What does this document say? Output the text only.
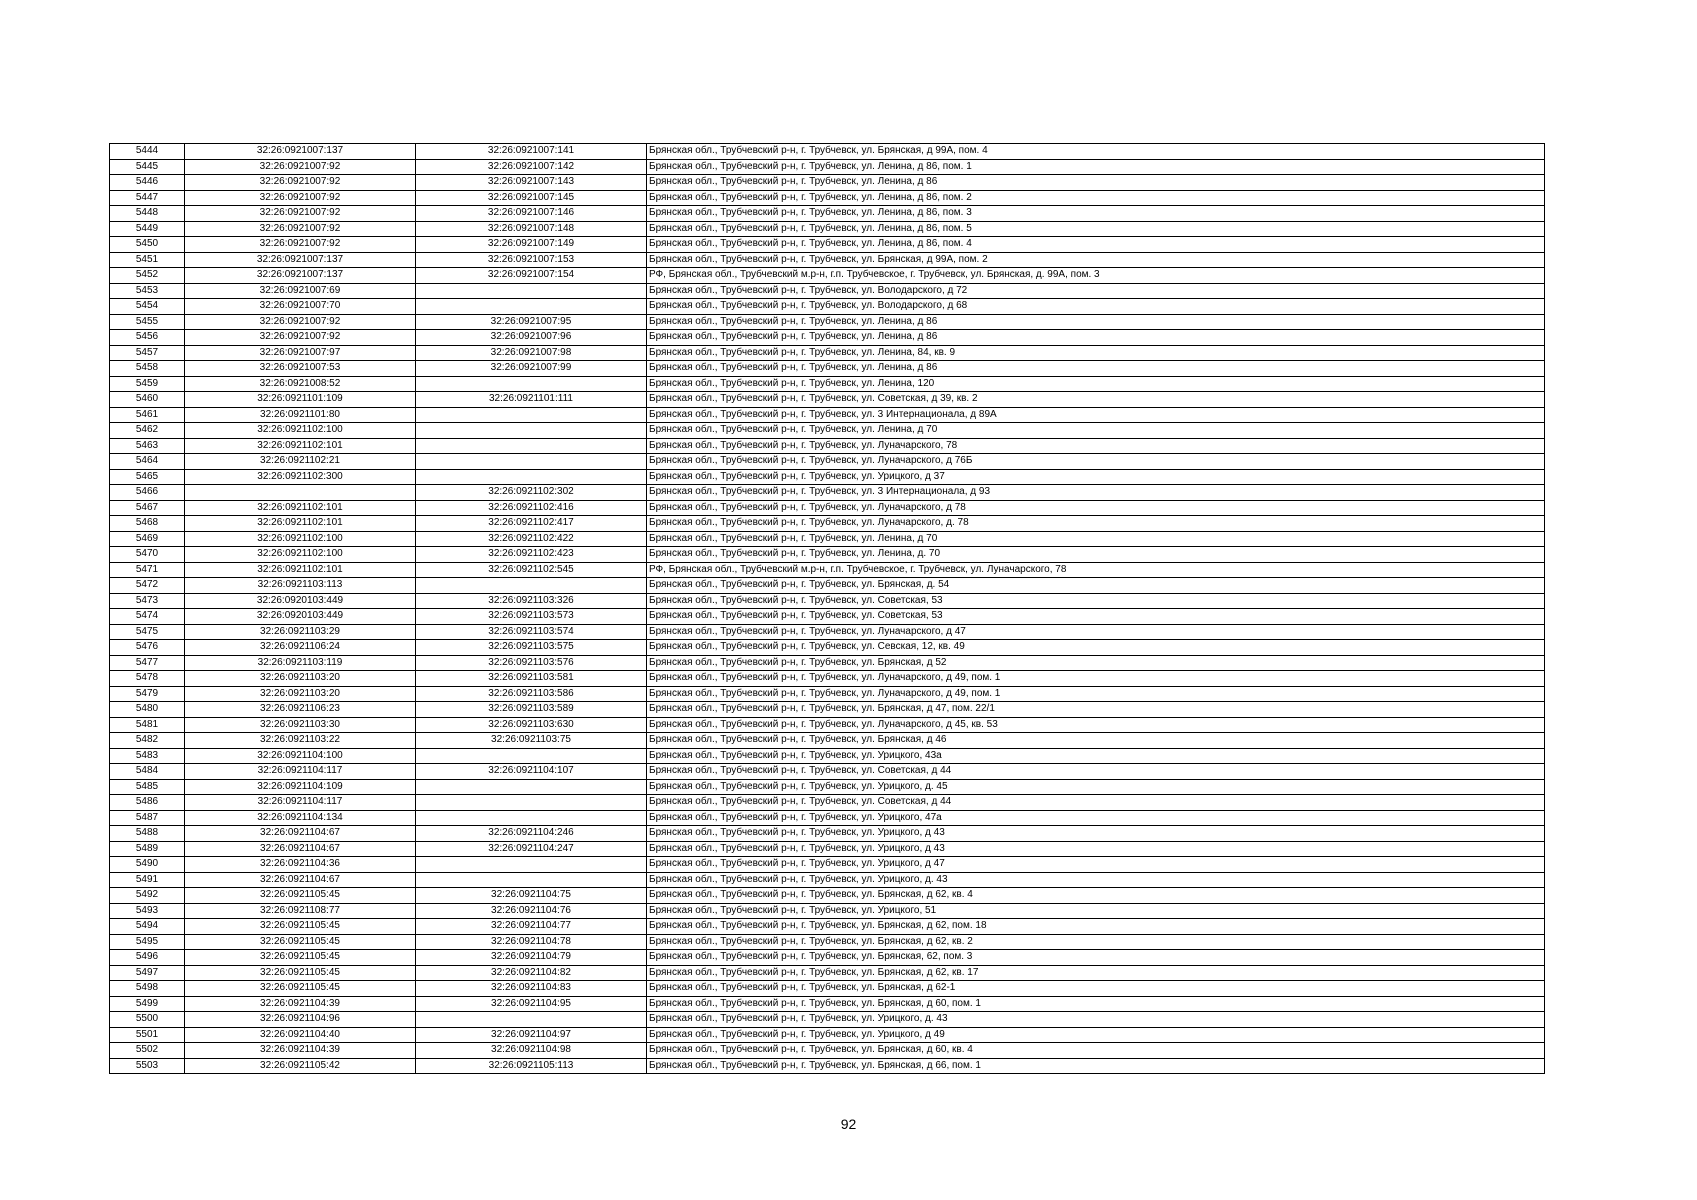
5444	32:26:0921007:137	32:26:0921007:141	Брянская обл., Трубчевский р-н, г. Трубчевск, ул. Брянская, д 99А, пом. 4
5445	32:26:0921007:92	32:26:0921007:142	Брянская обл., Трубчевский р-н, г. Трубчевск, ул. Ленина, д 86, пом. 1
5446	32:26:0921007:92	32:26:0921007:143	Брянская обл., Трубчевский р-н, г. Трубчевск, ул. Ленина, д 86
5447	32:26:0921007:92	32:26:0921007:145	Брянская обл., Трубчевский р-н, г. Трубчевск, ул. Ленина, д 86, пом. 2
5448	32:26:0921007:92	32:26:0921007:146	Брянская обл., Трубчевский р-н, г. Трубчевск, ул. Ленина, д 86, пом. 3
5449	32:26:0921007:92	32:26:0921007:148	Брянская обл., Трубчевский р-н, г. Трубчевск, ул. Ленина, д 86, пом. 5
5450	32:26:0921007:92	32:26:0921007:149	Брянская обл., Трубчевский р-н, г. Трубчевск, ул. Ленина, д 86, пом. 4
5451	32:26:0921007:137	32:26:0921007:153	Брянская обл., Трубчевский р-н, г. Трубчевск, ул. Брянская, д 99А, пом. 2
5452	32:26:0921007:137	32:26:0921007:154	РФ, Брянская обл., Трубчевский м.р-н, г.п. Трубчевское, г. Трубчевск, ул. Брянская, д. 99А, пом. 3
5453	32:26:0921007:69		Брянская обл., Трубчевский р-н, г. Трубчевск, ул. Володарского, д 72
5454	32:26:0921007:70		Брянская обл., Трубчевский р-н, г. Трубчевск, ул. Володарского, д 68
5455	32:26:0921007:92	32:26:0921007:95	Брянская обл., Трубчевский р-н, г. Трубчевск, ул. Ленина, д 86
5456	32:26:0921007:92	32:26:0921007:96	Брянская обл., Трубчевский р-н, г. Трубчевск, ул. Ленина, д 86
5457	32:26:0921007:97	32:26:0921007:98	Брянская обл., Трубчевский р-н, г. Трубчевск, ул. Ленина, 84, кв. 9
5458	32:26:0921007:53	32:26:0921007:99	Брянская обл., Трубчевский р-н, г. Трубчевск, ул. Ленина, д 86
5459	32:26:0921008:52		Брянская обл., Трубчевский р-н, г. Трубчевск, ул. Ленина, 120
5460	32:26:0921101:109	32:26:0921101:111	Брянская обл., Трубчевский р-н, г. Трубчевск, ул. Советская, д 39, кв. 2
5461	32:26:0921101:80		Брянская обл., Трубчевский р-н, г. Трубчевск, ул. 3 Интернационала, д 89А
5462	32:26:0921102:100		Брянская обл., Трубчевский р-н, г. Трубчевск, ул. Ленина, д 70
5463	32:26:0921102:101		Брянская обл., Трубчевский р-н, г. Трубчевск, ул. Луначарского, 78
5464	32:26:0921102:21		Брянская обл., Трубчевский р-н, г. Трубчевск, ул. Луначарского, д 76Б
5465	32:26:0921102:300		Брянская обл., Трубчевский р-н, г. Трубчевск, ул. Урицкого, д 37
5466		32:26:0921102:302	Брянская обл., Трубчевский р-н, г. Трубчевск, ул. 3 Интернационала, д 93
5467	32:26:0921102:101	32:26:0921102:416	Брянская обл., Трубчевский р-н, г. Трубчевск, ул. Луначарского, д 78
5468	32:26:0921102:101	32:26:0921102:417	Брянская обл., Трубчевский р-н, г. Трубчевск, ул. Луначарского, д. 78
5469	32:26:0921102:100	32:26:0921102:422	Брянская обл., Трубчевский р-н, г. Трубчевск, ул. Ленина, д 70
5470	32:26:0921102:100	32:26:0921102:423	Брянская обл., Трубчевский р-н, г. Трубчевск, ул. Ленина, д. 70
5471	32:26:0921102:101	32:26:0921102:545	РФ, Брянская обл., Трубчевский м.р-н, г.п. Трубчевское, г. Трубчевск, ул. Луначарского, 78
5472	32:26:0921103:113		Брянская обл., Трубчевский р-н, г. Трубчевск, ул. Брянская, д. 54
5473	32:26:0920103:449	32:26:0921103:326	Брянская обл., Трубчевский р-н, г. Трубчевск, ул. Советская, 53
5474	32:26:0920103:449	32:26:0921103:573	Брянская обл., Трубчевский р-н, г. Трубчевск, ул. Советская, 53
5475	32:26:0921103:29	32:26:0921103:574	Брянская обл., Трубчевский р-н, г. Трубчевск, ул. Луначарского, д 47
5476	32:26:0921106:24	32:26:0921103:575	Брянская обл., Трубчевский р-н, г. Трубчевск, ул. Севская, 12, кв. 49
5477	32:26:0921103:119	32:26:0921103:576	Брянская обл., Трубчевский р-н, г. Трубчевск, ул. Брянская, д 52
5478	32:26:0921103:20	32:26:0921103:581	Брянская обл., Трубчевский р-н, г. Трубчевск, ул. Луначарского, д 49, пом. 1
5479	32:26:0921103:20	32:26:0921103:586	Брянская обл., Трубчевский р-н, г. Трубчевск, ул. Луначарского, д 49, пом. 1
5480	32:26:0921106:23	32:26:0921103:589	Брянская обл., Трубчевский р-н, г. Трубчевск, ул. Брянская, д 47, пом. 22/1
5481	32:26:0921103:30	32:26:0921103:630	Брянская обл., Трубчевский р-н, г. Трубчевск, ул. Луначарского, д 45, кв. 53
5482	32:26:0921103:22	32:26:0921103:75	Брянская обл., Трубчевский р-н, г. Трубчевск, ул. Брянская, д 46
5483	32:26:0921104:100		Брянская обл., Трубчевский р-н, г. Трубчевск, ул. Урицкого, 43а
5484	32:26:0921104:117	32:26:0921104:107	Брянская обл., Трубчевский р-н, г. Трубчевск, ул. Советская, д 44
5485	32:26:0921104:109		Брянская обл., Трубчевский р-н, г. Трубчевск, ул. Урицкого, д. 45
5486	32:26:0921104:117		Брянская обл., Трубчевский р-н, г. Трубчевск, ул. Советская, д 44
5487	32:26:0921104:134		Брянская обл., Трубчевский р-н, г. Трубчевск, ул. Урицкого, 47а
5488	32:26:0921104:67	32:26:0921104:246	Брянская обл., Трубчевский р-н, г. Трубчевск, ул. Урицкого, д 43
5489	32:26:0921104:67	32:26:0921104:247	Брянская обл., Трубчевский р-н, г. Трубчевск, ул. Урицкого, д 43
5490	32:26:0921104:36		Брянская обл., Трубчевский р-н, г. Трубчевск, ул. Урицкого, д 47
5491	32:26:0921104:67		Брянская обл., Трубчевский р-н, г. Трубчевск, ул. Урицкого, д. 43
5492	32:26:0921105:45	32:26:0921104:75	Брянская обл., Трубчевский р-н, г. Трубчевск, ул. Брянская, д 62, кв. 4
5493	32:26:0921108:77	32:26:0921104:76	Брянская обл., Трубчевский р-н, г. Трубчевск, ул. Урицкого, 51
5494	32:26:0921105:45	32:26:0921104:77	Брянская обл., Трубчевский р-н, г. Трубчевск, ул. Брянская, д 62, пом. 18
5495	32:26:0921105:45	32:26:0921104:78	Брянская обл., Трубчевский р-н, г. Трубчевск, ул. Брянская, д 62, кв. 2
5496	32:26:0921105:45	32:26:0921104:79	Брянская обл., Трубчевский р-н, г. Трубчевск, ул. Брянская, 62, пом. 3
5497	32:26:0921105:45	32:26:0921104:82	Брянская обл., Трубчевский р-н, г. Трубчевск, ул. Брянская, д 62, кв. 17
5498	32:26:0921105:45	32:26:0921104:83	Брянская обл., Трубчевский р-н, г. Трубчевск, ул. Брянская, д 62-1
5499	32:26:0921104:39	32:26:0921104:95	Брянская обл., Трубчевский р-н, г. Трубчевск, ул. Брянская, д 60, пом. 1
5500	32:26:0921104:96		Брянская обл., Трубчевский р-н, г. Трубчевск, ул. Урицкого, д. 43
5501	32:26:0921104:40	32:26:0921104:97	Брянская обл., Трубчевский р-н, г. Трубчевск, ул. Урицкого, д 49
5502	32:26:0921104:39	32:26:0921104:98	Брянская обл., Трубчевский р-н, г. Трубчевск, ул. Брянская, д 60, кв. 4
5503	32:26:0921105:42	32:26:0921105:113	Брянская обл., Трубчевский р-н, г. Трубчевск, ул. Брянская, д 66, пом. 1
92
